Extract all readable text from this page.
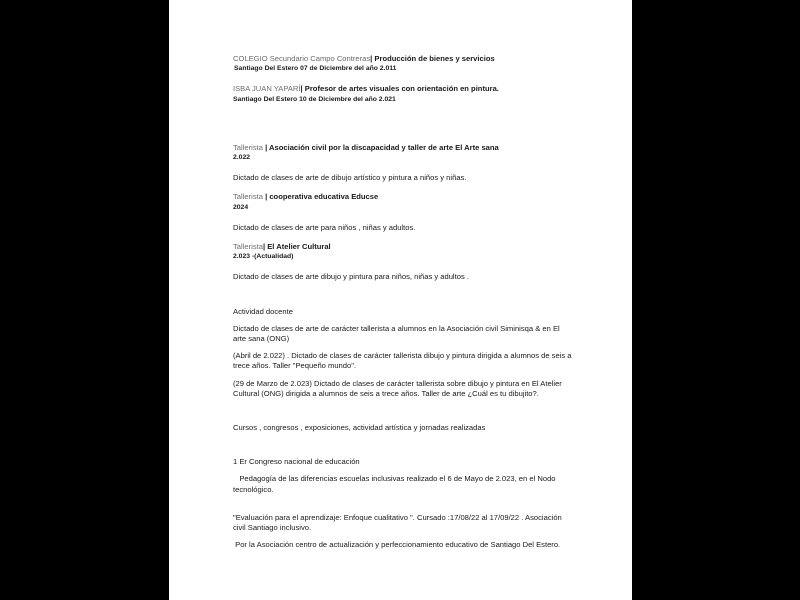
COLEGIO Secundario Campo Contreras| Producción de bienes y servicios
Santiago Del Estero 07 de Diciembre del año 2.011
ISBA JUAN YAPARÍ| Profesor de artes visuales con orientación en pintura.
Santiago Del Estero 10 de Diciembre del año 2.021
Tallerista | Asociación civil por la discapacidad y taller de arte El Arte sana
2.022
Dictado de clases de arte de dibujo artístico y pintura a niños y niñas.
Tallerista | cooperativa educativa Educse
2024
Dictado de clases de arte para niños , niñas y adultos.
Tallerista| El Atelier Cultural
2.023 -(Actualidad)
Dictado de clases de arte dibujo y pintura para niños, niñas y adultos .
Actividad docente
Dictado de clases de arte de carácter tallerista a alumnos en la Asociación civil Siminisqa & en El arte sana (ONG)
(Abril de 2.022) . Dictado de clases de carácter tallerista dibujo y pintura dirigida a alumnos de seis a trece años. Taller "Pequeño mundo".
(29 de Marzo de 2.023) Dictado de clases de carácter tallerista sobre dibujo y pintura en El Atelier Cultural (ONG) dirigida a alumnos de seis a trece años. Taller de arte ¿Cuál es tu dibujito?.
Cursos , congresos , exposiciones, actividad artística y jornadas realizadas
1 Er Congreso nacional de educación
Pedagogía de las diferencias escuelas inclusivas realizado el 6 de Mayo de 2.023, en el Nodo tecnológico.
"Evaluación para el aprendizaje: Enfoque cualitativo ". Cursado :17/08/22 al 17/09/22 . Asociación civil Santiago inclusivo.
Por la Asociación centro de actualización y perfeccionamiento educativo de Santiago Del Estero.
